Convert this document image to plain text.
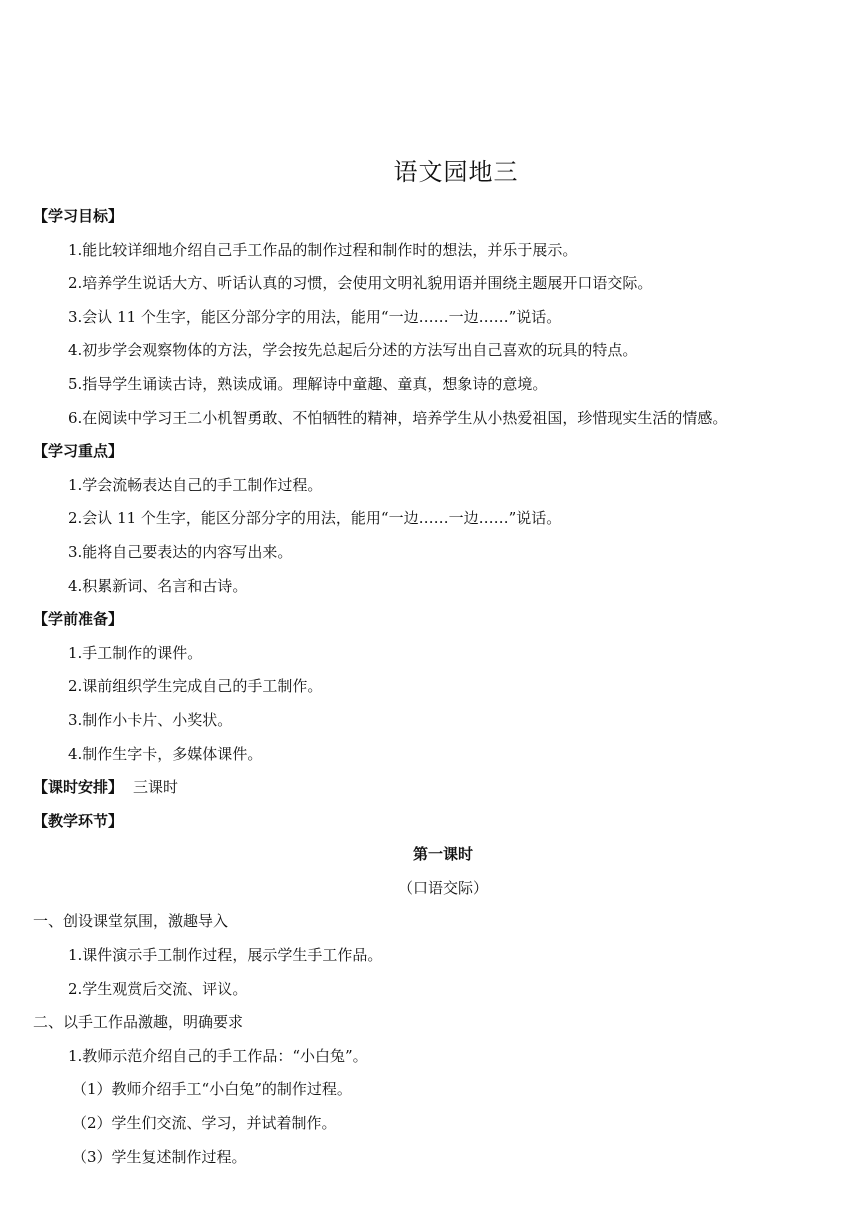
语文园地三
【学习目标】
1.能比较详细地介绍自己手工作品的制作过程和制作时的想法，并乐于展示。
2.培养学生说话大方、听话认真的习惯，会使用文明礼貌用语并围绕主题展开口语交际。
3.会认 11 个生字，能区分部分字的用法，能用“一边……一边……”说话。
4.初步学会观察物体的方法，学会按先总起后分述的方法写出自己喜欢的玩具的特点。
5.指导学生诵读古诗，熟读成诵。理解诗中童趣、童真，想象诗的意境。
6.在阅读中学习王二小机智勇敢、不怕牺牲的精神，培养学生从小热爱祖国，珍惜现实生活的情感。
【学习重点】
1.学会流畅表达自己的手工制作过程。
2.会认 11 个生字，能区分部分字的用法，能用“一边……一边……”说话。
3.能将自己要表达的内容写出来。
4.积累新词、名言和古诗。
【学前准备】
1.手工制作的课件。
2.课前组织学生完成自己的手工制作。
3.制作小卡片、小奖状。
4.制作生字卡，多媒体课件。
【课时安排】 三课时
【教学环节】
第一课时
（口语交际）
一、创设课堂氛围，激趣导入
1.课件演示手工制作过程，展示学生手工作品。
2.学生观赏后交流、评议。
二、以手工作品激趣，明确要求
1.教师示范介绍自己的手工作品：“小白兔”。
（1）教师介绍手工“小白兔”的制作过程。
（2）学生们交流、学习，并试着制作。
（3）学生复述制作过程。
